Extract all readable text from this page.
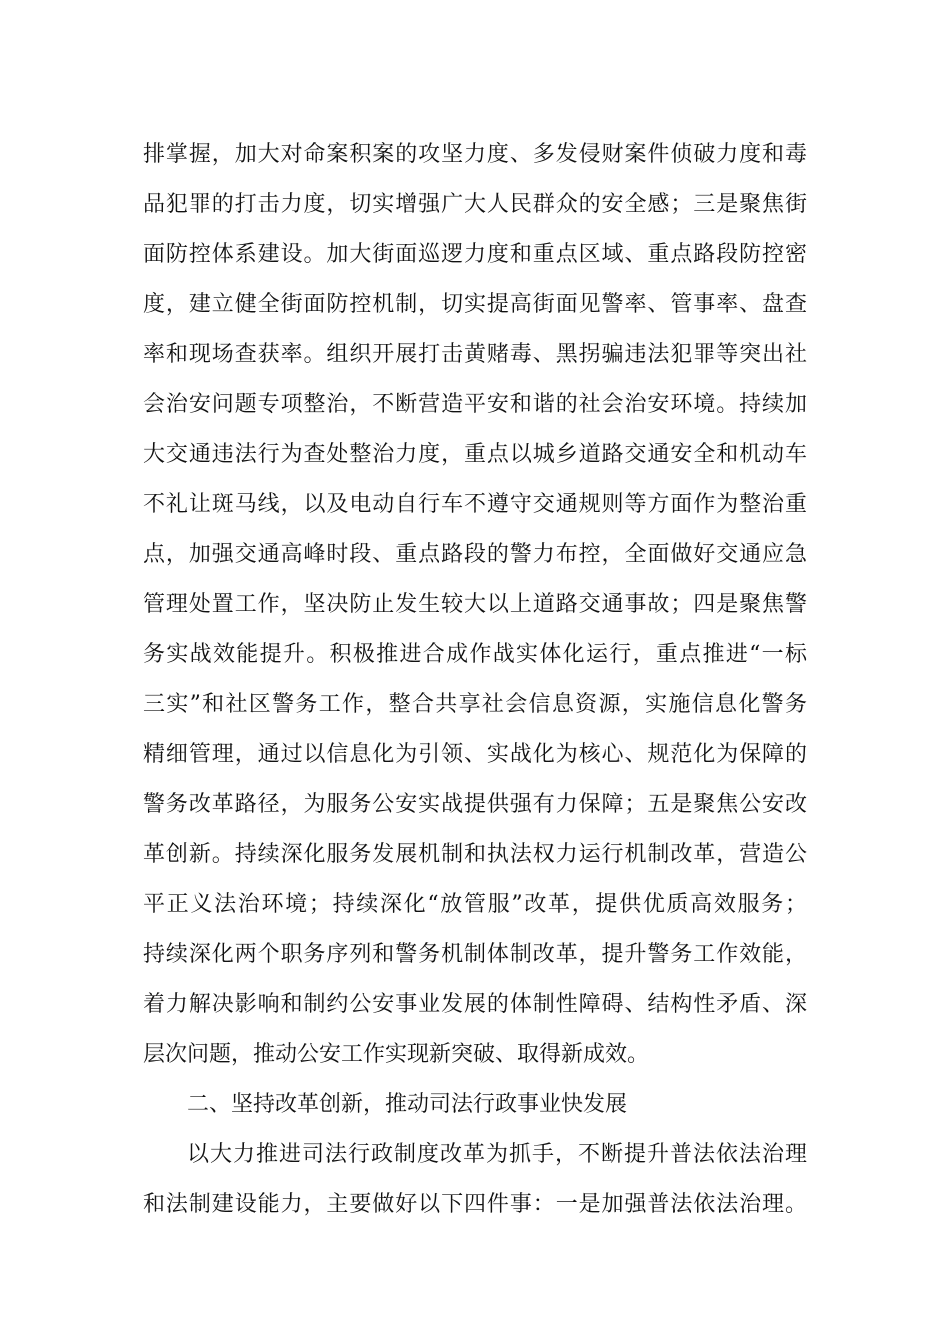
排掌握，加大对命案积案的攻坚力度、多发侵财案件侦破力度和毒
品犯罪的打击力度，切实增强广大人民群众的安全感；三是聚焦街
面防控体系建设。加大街面巡逻力度和重点区域、重点路段防控密
度，建立健全街面防控机制，切实提高街面见警率、管事率、盘查
率和现场查获率。组织开展打击黄赌毒、黑拐骗违法犯罪等突出社
会治安问题专项整治，不断营造平安和谐的社会治安环境。持续加
大交通违法行为查处整治力度，重点以城乡道路交通安全和机动车
不礼让斑马线，以及电动自行车不遵守交通规则等方面作为整治重
点，加强交通高峰时段、重点路段的警力布控，全面做好交通应急
管理处置工作，坚决防止发生较大以上道路交通事故；四是聚焦警
务实战效能提升。积极推进合成作战实体化运行，重点推进“一标
三实”和社区警务工作，整合共享社会信息资源，实施信息化警务
精细管理，通过以信息化为引领、实战化为核心、规范化为保障的
警务改革路径，为服务公安实战提供强有力保障；五是聚焦公安改
革创新。持续深化服务发展机制和执法权力运行机制改革，营造公
平正义法治环境；持续深化“放管服”改革，提供优质高效服务；
持续深化两个职务序列和警务机制体制改革，提升警务工作效能，
着力解决影响和制约公安事业发展的体制性障碍、结构性矛盾、深
层次问题，推动公安工作实现新突破、取得新成效。
二、坚持改革创新，推动司法行政事业快发展
以大力推进司法行政制度改革为抓手，不断提升普法依法治理
和法制建设能力，主要做好以下四件事：一是加强普法依法治理。
